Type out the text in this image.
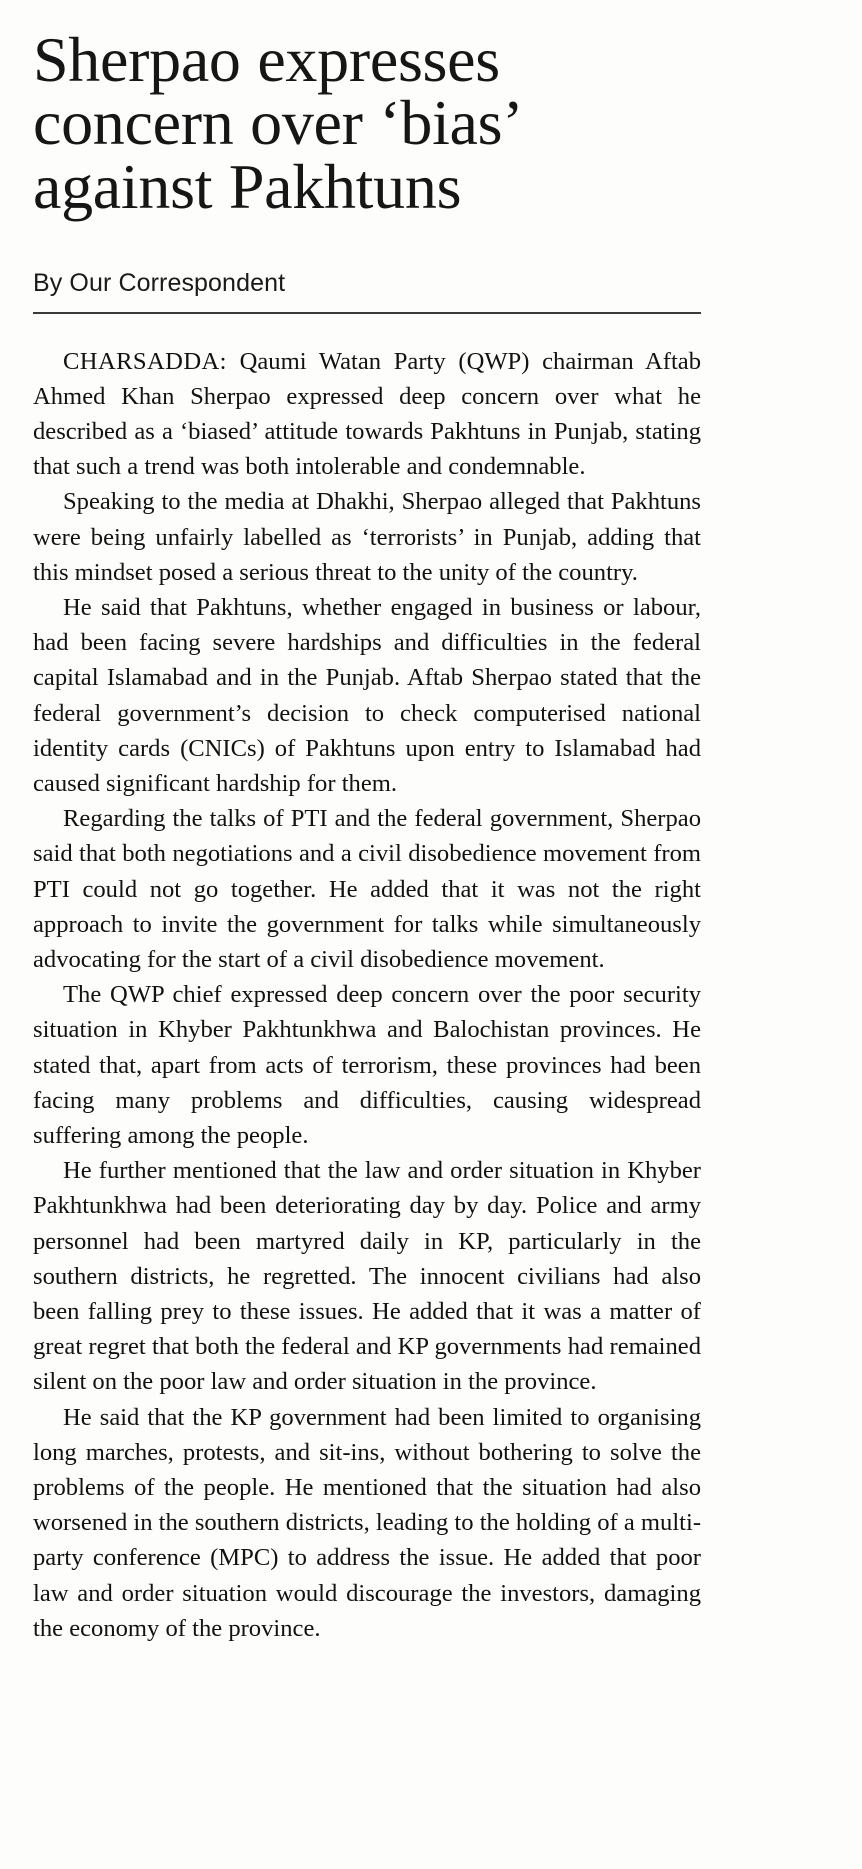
Sherpao expresses
concern over ‘bias’
against Pakhtuns
By Our Correspondent

CHARSADDA: Qaumi Watan Party (QWP) chairman Aftab Ahmed Khan Sherpao expressed deep concern over what he described as a ‘biased’ attitude towards Pakhtuns in Punjab, stating that such a trend was both intolerable and condemnable.

Speaking to the media at Dhakhi, Sherpao alleged that Pakhtuns were being unfairly labelled as ‘terrorists’ in Punjab, adding that this mindset posed a serious threat to the unity of the country.

He said that Pakhtuns, whether engaged in business or labour, had been facing severe hardships and difficulties in the federal capital Islamabad and in the Punjab. Aftab Sherpao stated that the federal government’s decision to check computerised national identity cards (CNICs) of Pakhtuns upon entry to Islamabad had caused significant hardship for them.

Regarding the talks of PTI and the federal government, Sherpao said that both negotiations and a civil disobedience movement from PTI could not go together. He added that it was not the right approach to invite the government for talks while simultaneously advocating for the start of a civil disobedience movement.

The QWP chief expressed deep concern over the poor security situation in Khyber Pakhtunkhwa and Balochistan provinces. He stated that, apart from acts of terrorism, these provinces had been facing many problems and difficulties, causing widespread suffering among the people.

He further mentioned that the law and order situation in Khyber Pakhtunkhwa had been deteriorating day by day. Police and army personnel had been martyred daily in KP, particularly in the southern districts, he regretted. The innocent civilians had also been falling prey to these issues. He added that it was a matter of great regret that both the federal and KP governments had remained silent on the poor law and order situation in the province.

He said that the KP government had been limited to organising long marches, protests, and sit-ins, without bothering to solve the problems of the people. He mentioned that the situation had also worsened in the southern districts, leading to the holding of a multi-party conference (MPC) to address the issue. He added that poor law and order situation would discourage the investors, damaging the economy of the province.
